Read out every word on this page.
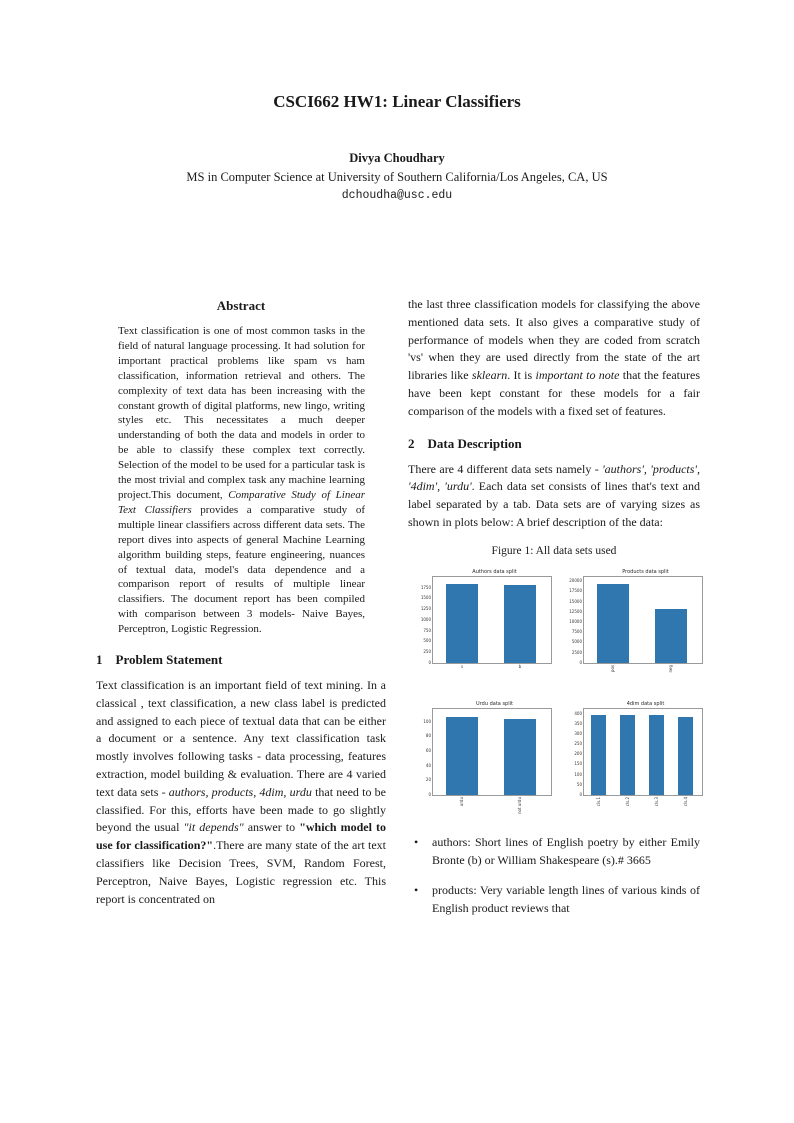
CSCI662 HW1: Linear Classifiers
Divya Choudhary
MS in Computer Science at University of Southern California/Los Angeles, CA, US
dchoudha@usc.edu
Abstract
Text classification is one of most common tasks in the field of natural language processing. It had solution for important practical problems like spam vs ham classification, information retrieval and others. The complexity of text data has been increasing with the constant growth of digital platforms, new lingo, writing styles etc. This necessitates a much deeper understanding of both the data and models in order to be able to classify these complex text correctly. Selection of the model to be used for a particular task is the most trivial and complex task any machine learning project.This document, Comparative Study of Linear Text Classifiers provides a comparative study of multiple linear classifiers across different data sets. The report dives into aspects of general Machine Learning algorithm building steps, feature engineering, nuances of textual data, model's data dependence and a comparison report of results of multiple linear classifiers. The document report has been compiled with comparison between 3 models- Naive Bayes, Perceptron, Logistic Regression.
1 Problem Statement

Text classification is an important field of text mining. In a classical , text classification, a new class label is predicted and assigned to each piece of textual data that can be either a document or a sentence. Any text classification task mostly involves following tasks - data processing, features extraction, model building & evaluation. There are 4 varied text data sets - authors, products, 4dim, urdu that need to be classified. For this, efforts have been made to go slightly beyond the usual "it depends" answer to "which model to use for classification?".There are many state of the art text classifiers like Decision Trees, SVM, Random Forest, Perceptron, Naive Bayes, Logistic regression etc. This report is concentrated on

the last three classification models for classifying the above mentioned data sets. It also gives a comparative study of performance of models when they are coded from scratch 'vs' when they are used directly from the state of the art libraries like sklearn. It is important to note that the features have been kept constant for these models for a fair comparison of the models with a fixed set of features.

2 Data Description

There are 4 different data sets namely - 'authors', 'products', '4dim', 'urdu'. Each data set consists of lines that's text and label separated by a tab. Data sets are of varying sizes as shown in plots below: A brief description of the data:

Figure 1: All data sets used
Authors data split
0
250
500
750
1000
1250
1500
1750
s	b
Products data split
0
2500
5000
7500
10000
12500
15000
17500
20000
pos	neg
Urdu data split
0
20
40
60
80
100
urdu	not urdu
4dim data split
0
50
100
150
200
250
300
350
400
cls.1	cls.2	cls.3	cls.4
•	authors: Short lines of English poetry by either Emily Bronte (b) or William Shakespeare (s).# 3665
•	products: Very variable length lines of various kinds of English product reviews that
